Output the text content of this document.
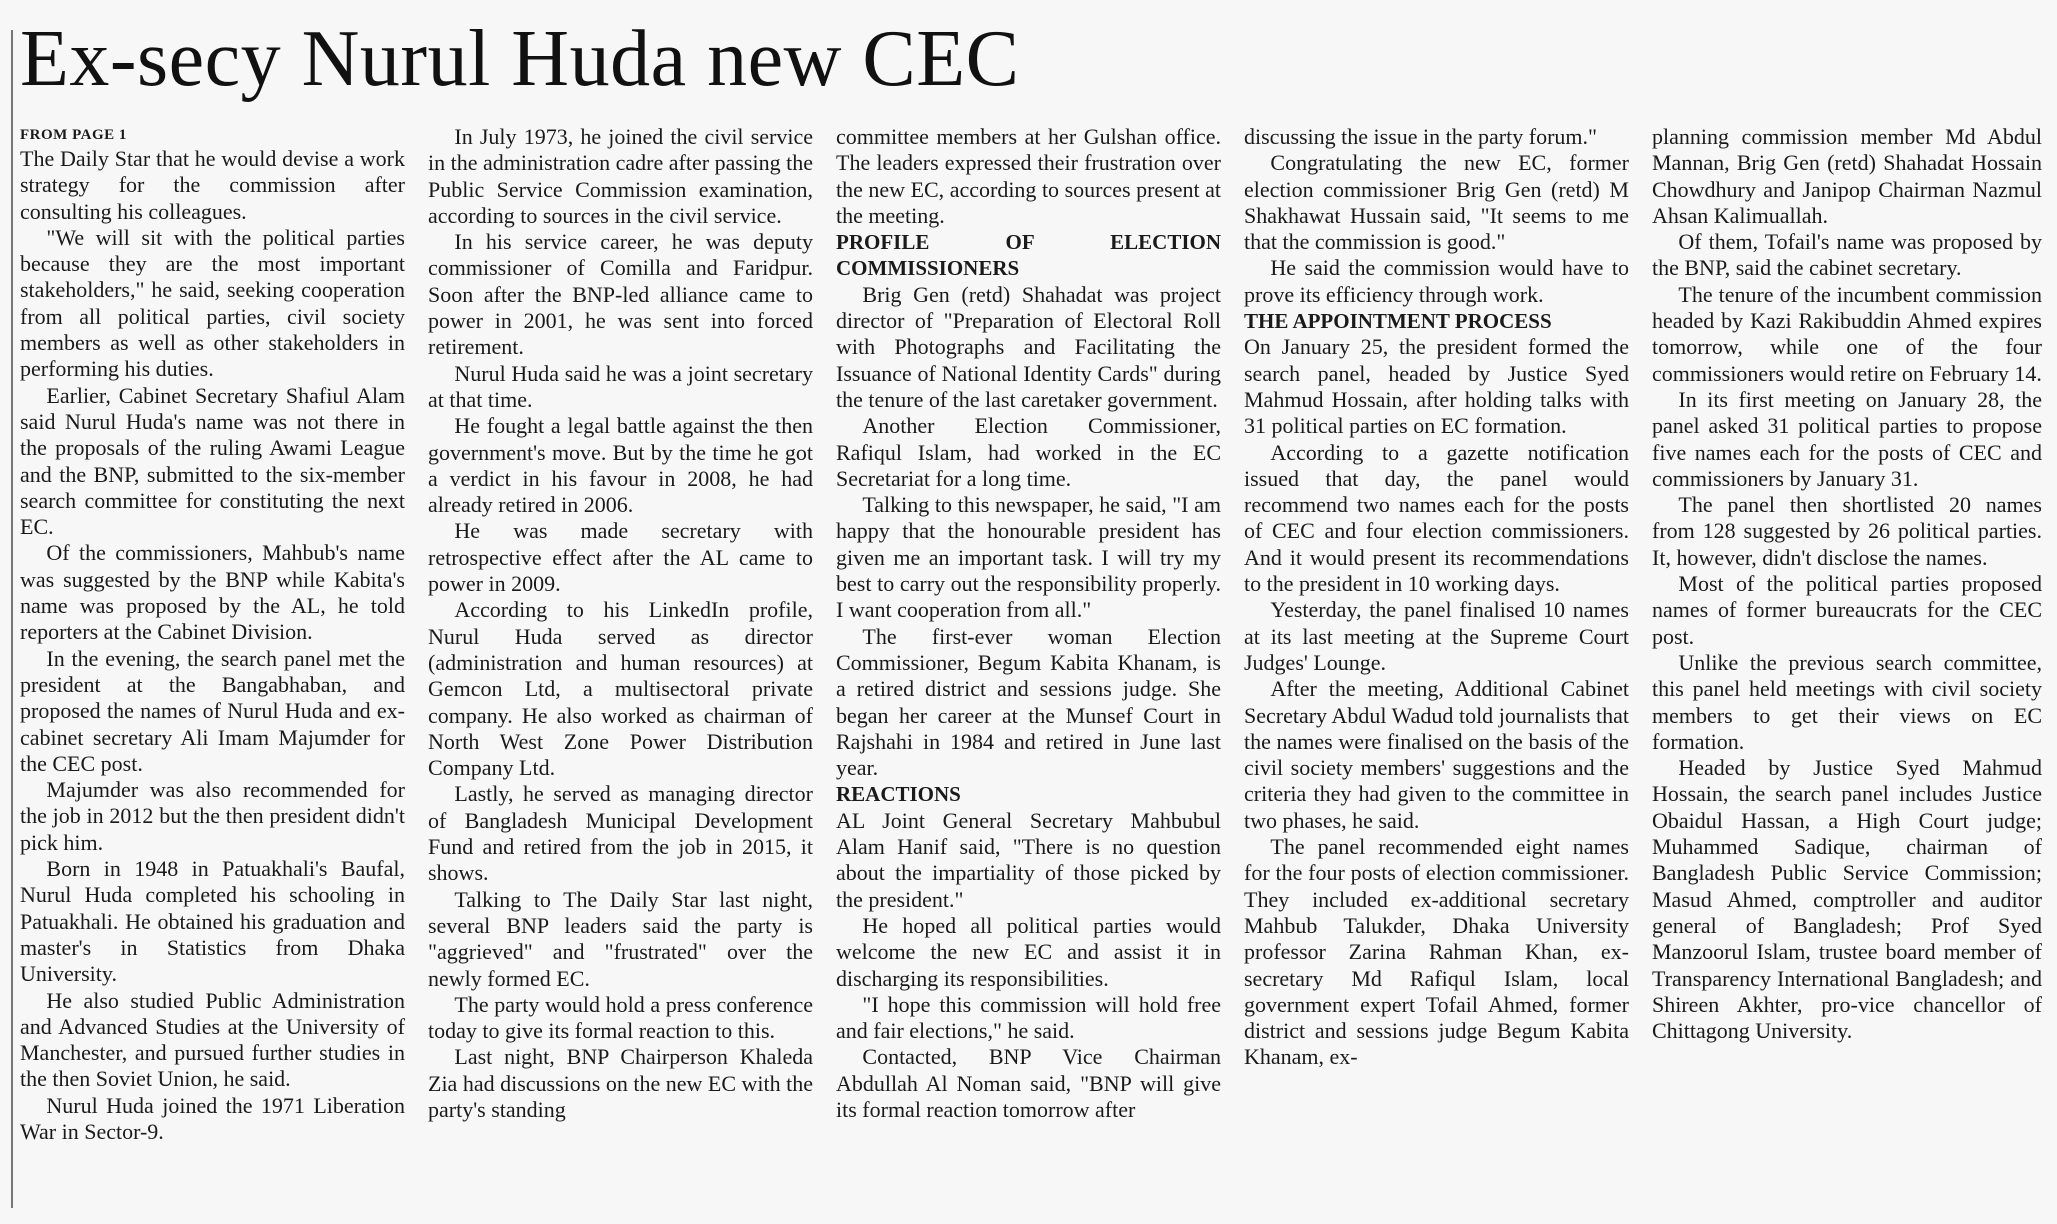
Ex-secy Nurul Huda new CEC
FROM PAGE 1

The Daily Star that he would devise a work strategy for the commission after consulting his colleagues.

"We will sit with the political parties because they are the most important stakeholders," he said, seeking cooperation from all political parties, civil society members as well as other stakeholders in performing his duties.

Earlier, Cabinet Secretary Shafiul Alam said Nurul Huda's name was not there in the proposals of the ruling Awami League and the BNP, submitted to the six-member search committee for constituting the next EC.

Of the commissioners, Mahbub's name was suggested by the BNP while Kabita's name was proposed by the AL, he told reporters at the Cabinet Division.

In the evening, the search panel met the president at the Bangabhaban, and proposed the names of Nurul Huda and ex-cabinet secretary Ali Imam Majumder for the CEC post.

Majumder was also recommended for the job in 2012 but the then president didn't pick him.

Born in 1948 in Patuakhali's Baufal, Nurul Huda completed his schooling in Patuakhali. He obtained his graduation and master's in Statistics from Dhaka University.

He also studied Public Administration and Advanced Studies at the University of Manchester, and pursued further studies in the then Soviet Union, he said.

Nurul Huda joined the 1971 Liberation War in Sector-9.

In July 1973, he joined the civil service in the administration cadre after passing the Public Service Commission examination, according to sources in the civil service.

In his service career, he was deputy commissioner of Comilla and Faridpur. Soon after the BNP-led alliance came to power in 2001, he was sent into forced retirement.

Nurul Huda said he was a joint secretary at that time.

He fought a legal battle against the then government's move. But by the time he got a verdict in his favour in 2008, he had already retired in 2006.

He was made secretary with retrospective effect after the AL came to power in 2009.

According to his LinkedIn profile, Nurul Huda served as director (administration and human resources) at Gemcon Ltd, a multisectoral private company. He also worked as chairman of North West Zone Power Distribution Company Ltd.

Lastly, he served as managing director of Bangladesh Municipal Development Fund and retired from the job in 2015, it shows.

Talking to The Daily Star last night, several BNP leaders said the party is "aggrieved" and "frustrated" over the newly formed EC.

The party would hold a press conference today to give its formal reaction to this.

Last night, BNP Chairperson Khaleda Zia had discussions on the new EC with the party's standing

committee members at her Gulshan office. The leaders expressed their frustration over the new EC, according to sources present at the meeting.

PROFILE OF ELECTION COMMISSIONERS

Brig Gen (retd) Shahadat was project director of "Preparation of Electoral Roll with Photographs and Facilitating the Issuance of National Identity Cards" during the tenure of the last caretaker government.

Another Election Commissioner, Rafiqul Islam, had worked in the EC Secretariat for a long time.

Talking to this newspaper, he said, "I am happy that the honourable president has given me an important task. I will try my best to carry out the responsibility properly. I want cooperation from all."

The first-ever woman Election Commissioner, Begum Kabita Khanam, is a retired district and sessions judge. She began her career at the Munsef Court in Rajshahi in 1984 and retired in June last year.

REACTIONS

AL Joint General Secretary Mahbubul Alam Hanif said, "There is no question about the impartiality of those picked by the president."

He hoped all political parties would welcome the new EC and assist it in discharging its responsibilities.

"I hope this commission will hold free and fair elections," he said.

Contacted, BNP Vice Chairman Abdullah Al Noman said, "BNP will give its formal reaction tomorrow after

discussing the issue in the party forum."

Congratulating the new EC, former election commissioner Brig Gen (retd) M Shakhawat Hussain said, "It seems to me that the commission is good."

He said the commission would have to prove its efficiency through work.

THE APPOINTMENT PROCESS

On January 25, the president formed the search panel, headed by Justice Syed Mahmud Hossain, after holding talks with 31 political parties on EC formation.

According to a gazette notification issued that day, the panel would recommend two names each for the posts of CEC and four election commissioners. And it would present its recommendations to the president in 10 working days.

Yesterday, the panel finalised 10 names at its last meeting at the Supreme Court Judges' Lounge.

After the meeting, Additional Cabinet Secretary Abdul Wadud told journalists that the names were finalised on the basis of the civil society members' suggestions and the criteria they had given to the committee in two phases, he said.

The panel recommended eight names for the four posts of election commissioner. They included ex-additional secretary Mahbub Talukder, Dhaka University professor Zarina Rahman Khan, ex-secretary Md Rafiqul Islam, local government expert Tofail Ahmed, former district and sessions judge Begum Kabita Khanam, ex-

planning commission member Md Abdul Mannan, Brig Gen (retd) Shahadat Hossain Chowdhury and Janipop Chairman Nazmul Ahsan Kalimuallah.

Of them, Tofail's name was proposed by the BNP, said the cabinet secretary.

The tenure of the incumbent commission headed by Kazi Rakibuddin Ahmed expires tomorrow, while one of the four commissioners would retire on February 14.

In its first meeting on January 28, the panel asked 31 political parties to propose five names each for the posts of CEC and commissioners by January 31.

The panel then shortlisted 20 names from 128 suggested by 26 political parties. It, however, didn't disclose the names.

Most of the political parties proposed names of former bureaucrats for the CEC post.

Unlike the previous search committee, this panel held meetings with civil society members to get their views on EC formation.

Headed by Justice Syed Mahmud Hossain, the search panel includes Justice Obaidul Hassan, a High Court judge; Muhammed Sadique, chairman of Bangladesh Public Service Commission; Masud Ahmed, comptroller and auditor general of Bangladesh; Prof Syed Manzoorul Islam, trustee board member of Transparency International Bangladesh; and Shireen Akhter, pro-vice chancellor of Chittagong University.
